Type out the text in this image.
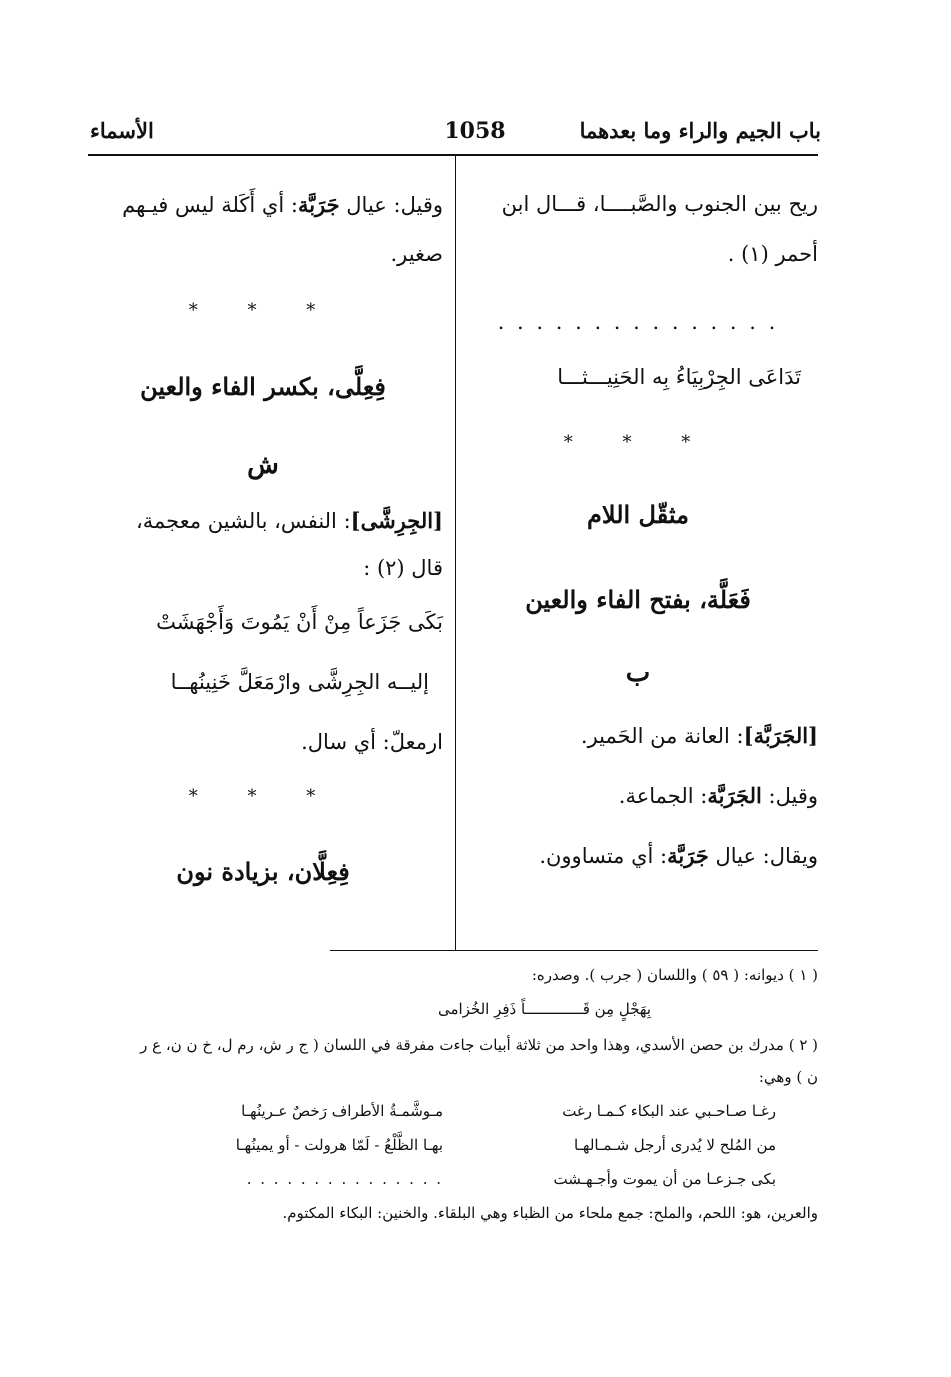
باب الجيم والراء وما بعدهما
1058
الأسماء
ريح بين الجنوب والصَّبــــا، قـــال ابن
أحمر (١) .
. . . . . . . . . . . . . . .
تَدَاعَى الجِرْبِيَاءُ بِه الحَنِيـــثـــا
* * *
مثقّل اللام
فَعَلَّة، بفتح الفاء والعين
ب
[الجَرَبَّة]: العانة من الحَمير.
وقيل: الجَرَبَّة: الجماعة.
ويقال: عيال جَرَبَّة: أي متساوون.
وقيل: عيال جَرَبَّة: أي أَكَلة ليس فيـهم
صغير.
* * *
فِعِلَّى، بكسر الفاء والعين
ش
[الجِرِشَّى]: النفس، بالشين معجمة،
قال (٢) :
بَكَى جَزَعاً مِنْ أَنْ يَمُوتَ وَأَجْهَشَتْ
إليــه الجِرِشَّى وارْمَعَلَّ خَنِينُهــا
ارمعلّ: أي سال.
* * *
فِعِلَّان، بزيادة نون
( ١ ) ديوانه: ( ٥٩ ) واللسان ( جرب ). وصدره:
بِهَجْلٍ مِن قَـــــــــــــاً ذَفِرِ الخُزامى
( ٢ ) مدرك بن حصن الأسدي، وهذا واحد من ثلاثة أبيات جاءت مفرقة في اللسان ( ج ر ش، رم ل، خ ن ن، ع ر
ن ) وهي:
رغـا صـاحـبي عند البكاء كـمـا رغت
مـوشَّمـةُ الأطراف رَخصٌ عـرينُهـا
من المُلح لا يُدرى أرجل شـمـالهـا
بهـا الظَّلْعُ - لَمّا هرولت - أو يمينُهـا
بكى جـزعـا من أن يموت وأجـهـشت
. . . . . . . . . . . . . . .
والعرين، هو: اللحم، والملح: جمع ملحاء من الظباء وهي البلقاء. والخنين: البكاء المكتوم.
